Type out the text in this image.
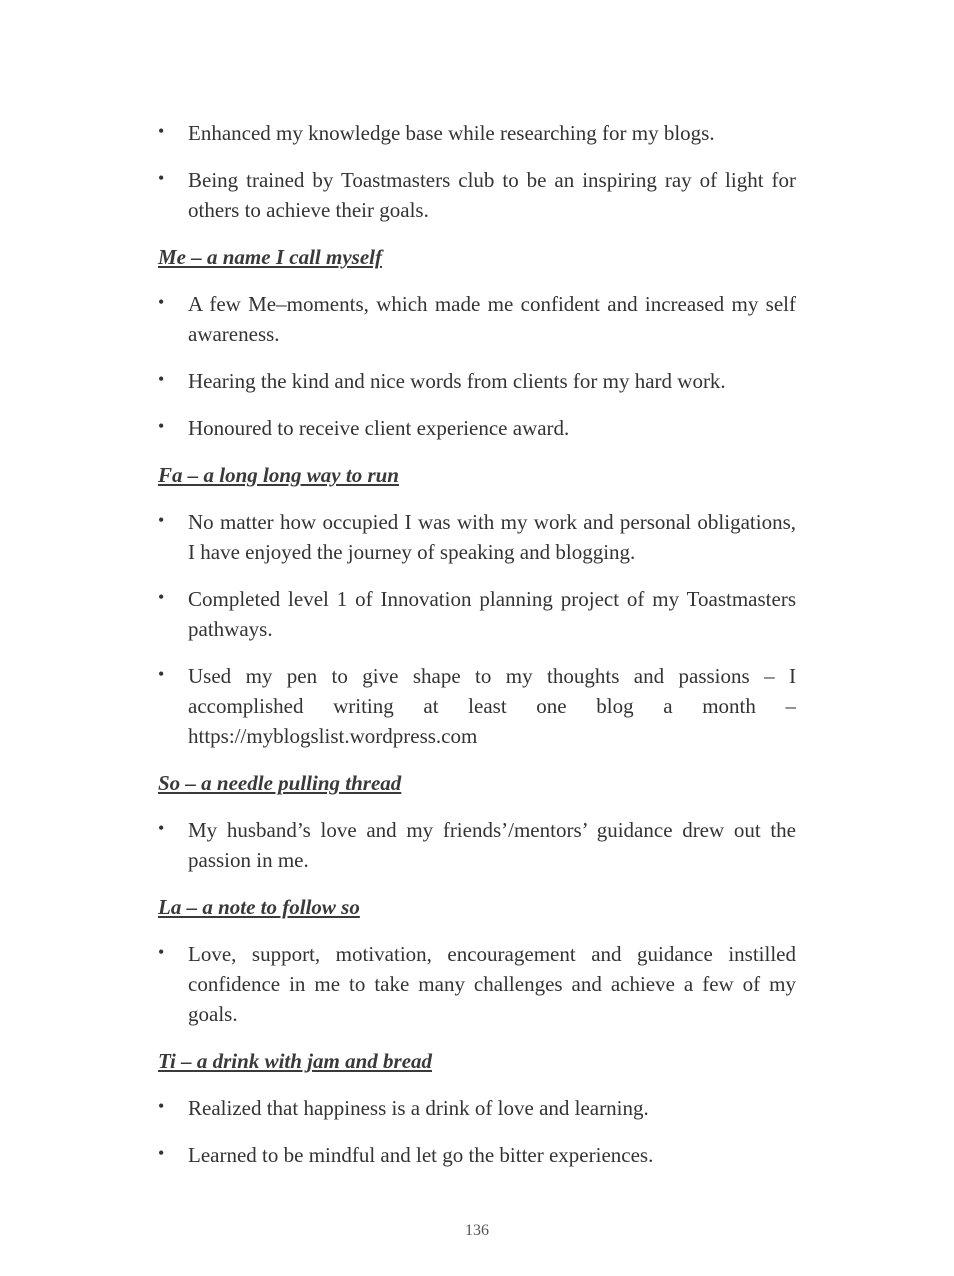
• Enhanced my knowledge base while researching for my blogs.
• Being trained by Toastmasters club to be an inspiring ray of light for others to achieve their goals.
Me – a name I call myself
• A few Me–moments, which made me confident and increased my self awareness.
• Hearing the kind and nice words from clients for my hard work.
• Honoured to receive client experience award.
Fa – a long long way to run
• No matter how occupied I was with my work and personal obligations, I have enjoyed the journey of speaking and blogging.
• Completed level 1 of Innovation planning project of my Toastmasters pathways.
• Used my pen to give shape to my thoughts and passions – I accomplished writing at least one blog a month – https://myblogslist.wordpress.com
So – a needle pulling thread
• My husband’s love and my friends’/mentors’ guidance drew out the passion in me.
La – a note to follow so
• Love, support, motivation, encouragement and guidance instilled confidence in me to take many challenges and achieve a few of my goals.
Ti – a drink with jam and bread
• Realized that happiness is a drink of love and learning.
• Learned to be mindful and let go the bitter experiences.
136
